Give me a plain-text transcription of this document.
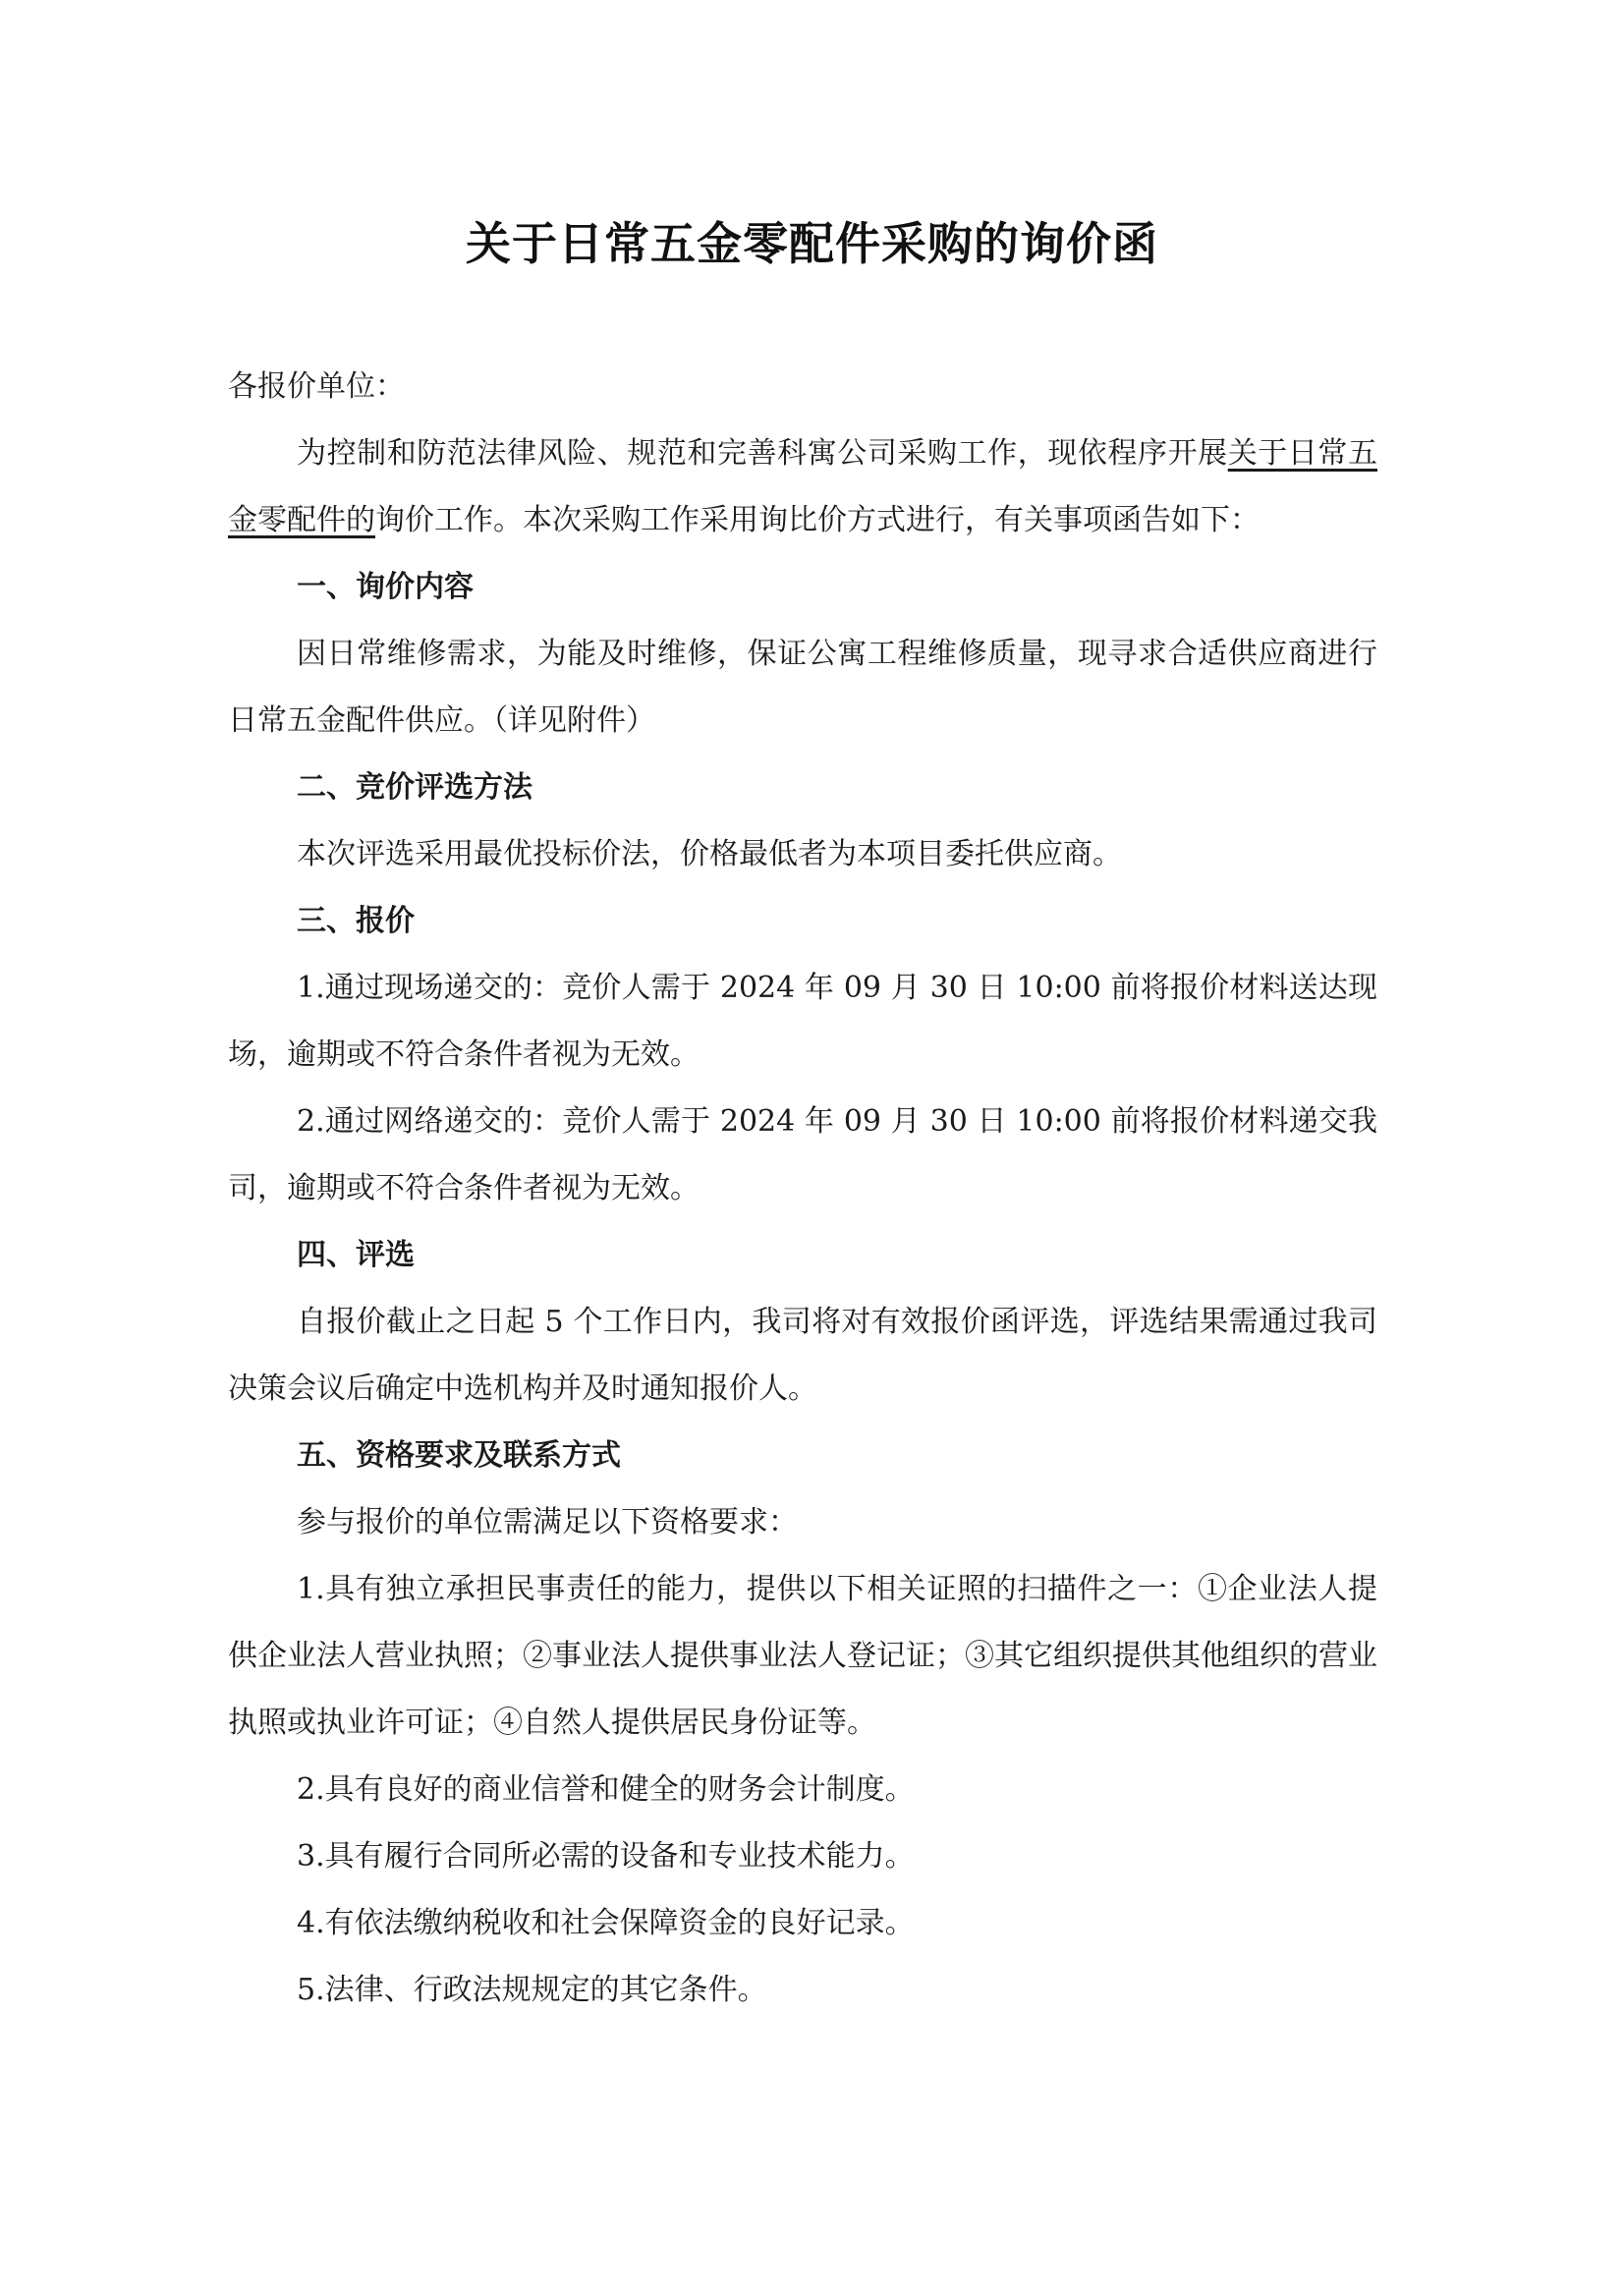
关于日常五金零配件采购的询价函

各报价单位：

为控制和防范法律风险、规范和完善科寓公司采购工作，现依程序开展关于日常五金零配件的询价工作。本次采购工作采用询比价方式进行，有关事项函告如下：

一、询价内容

因日常维修需求，为能及时维修，保证公寓工程维修质量，现寻求合适供应商进行日常五金配件供应。（详见附件）

二、竞价评选方法

本次评选采用最优投标价法，价格最低者为本项目委托供应商。

三、报价

1.通过现场递交的：竞价人需于 2024 年 09 月 30 日 10:00 前将报价材料送达现场，逾期或不符合条件者视为无效。

2.通过网络递交的：竞价人需于 2024 年 09 月 30 日 10:00 前将报价材料递交我司，逾期或不符合条件者视为无效。

四、评选

自报价截止之日起 5 个工作日内，我司将对有效报价函评选，评选结果需通过我司决策会议后确定中选机构并及时通知报价人。

五、资格要求及联系方式

参与报价的单位需满足以下资格要求：

1.具有独立承担民事责任的能力，提供以下相关证照的扫描件之一：①企业法人提供企业法人营业执照；②事业法人提供事业法人登记证；③其它组织提供其他组织的营业执照或执业许可证；④自然人提供居民身份证等。

2.具有良好的商业信誉和健全的财务会计制度。

3.具有履行合同所必需的设备和专业技术能力。

4.有依法缴纳税收和社会保障资金的良好记录。

5.法律、行政法规规定的其它条件。
